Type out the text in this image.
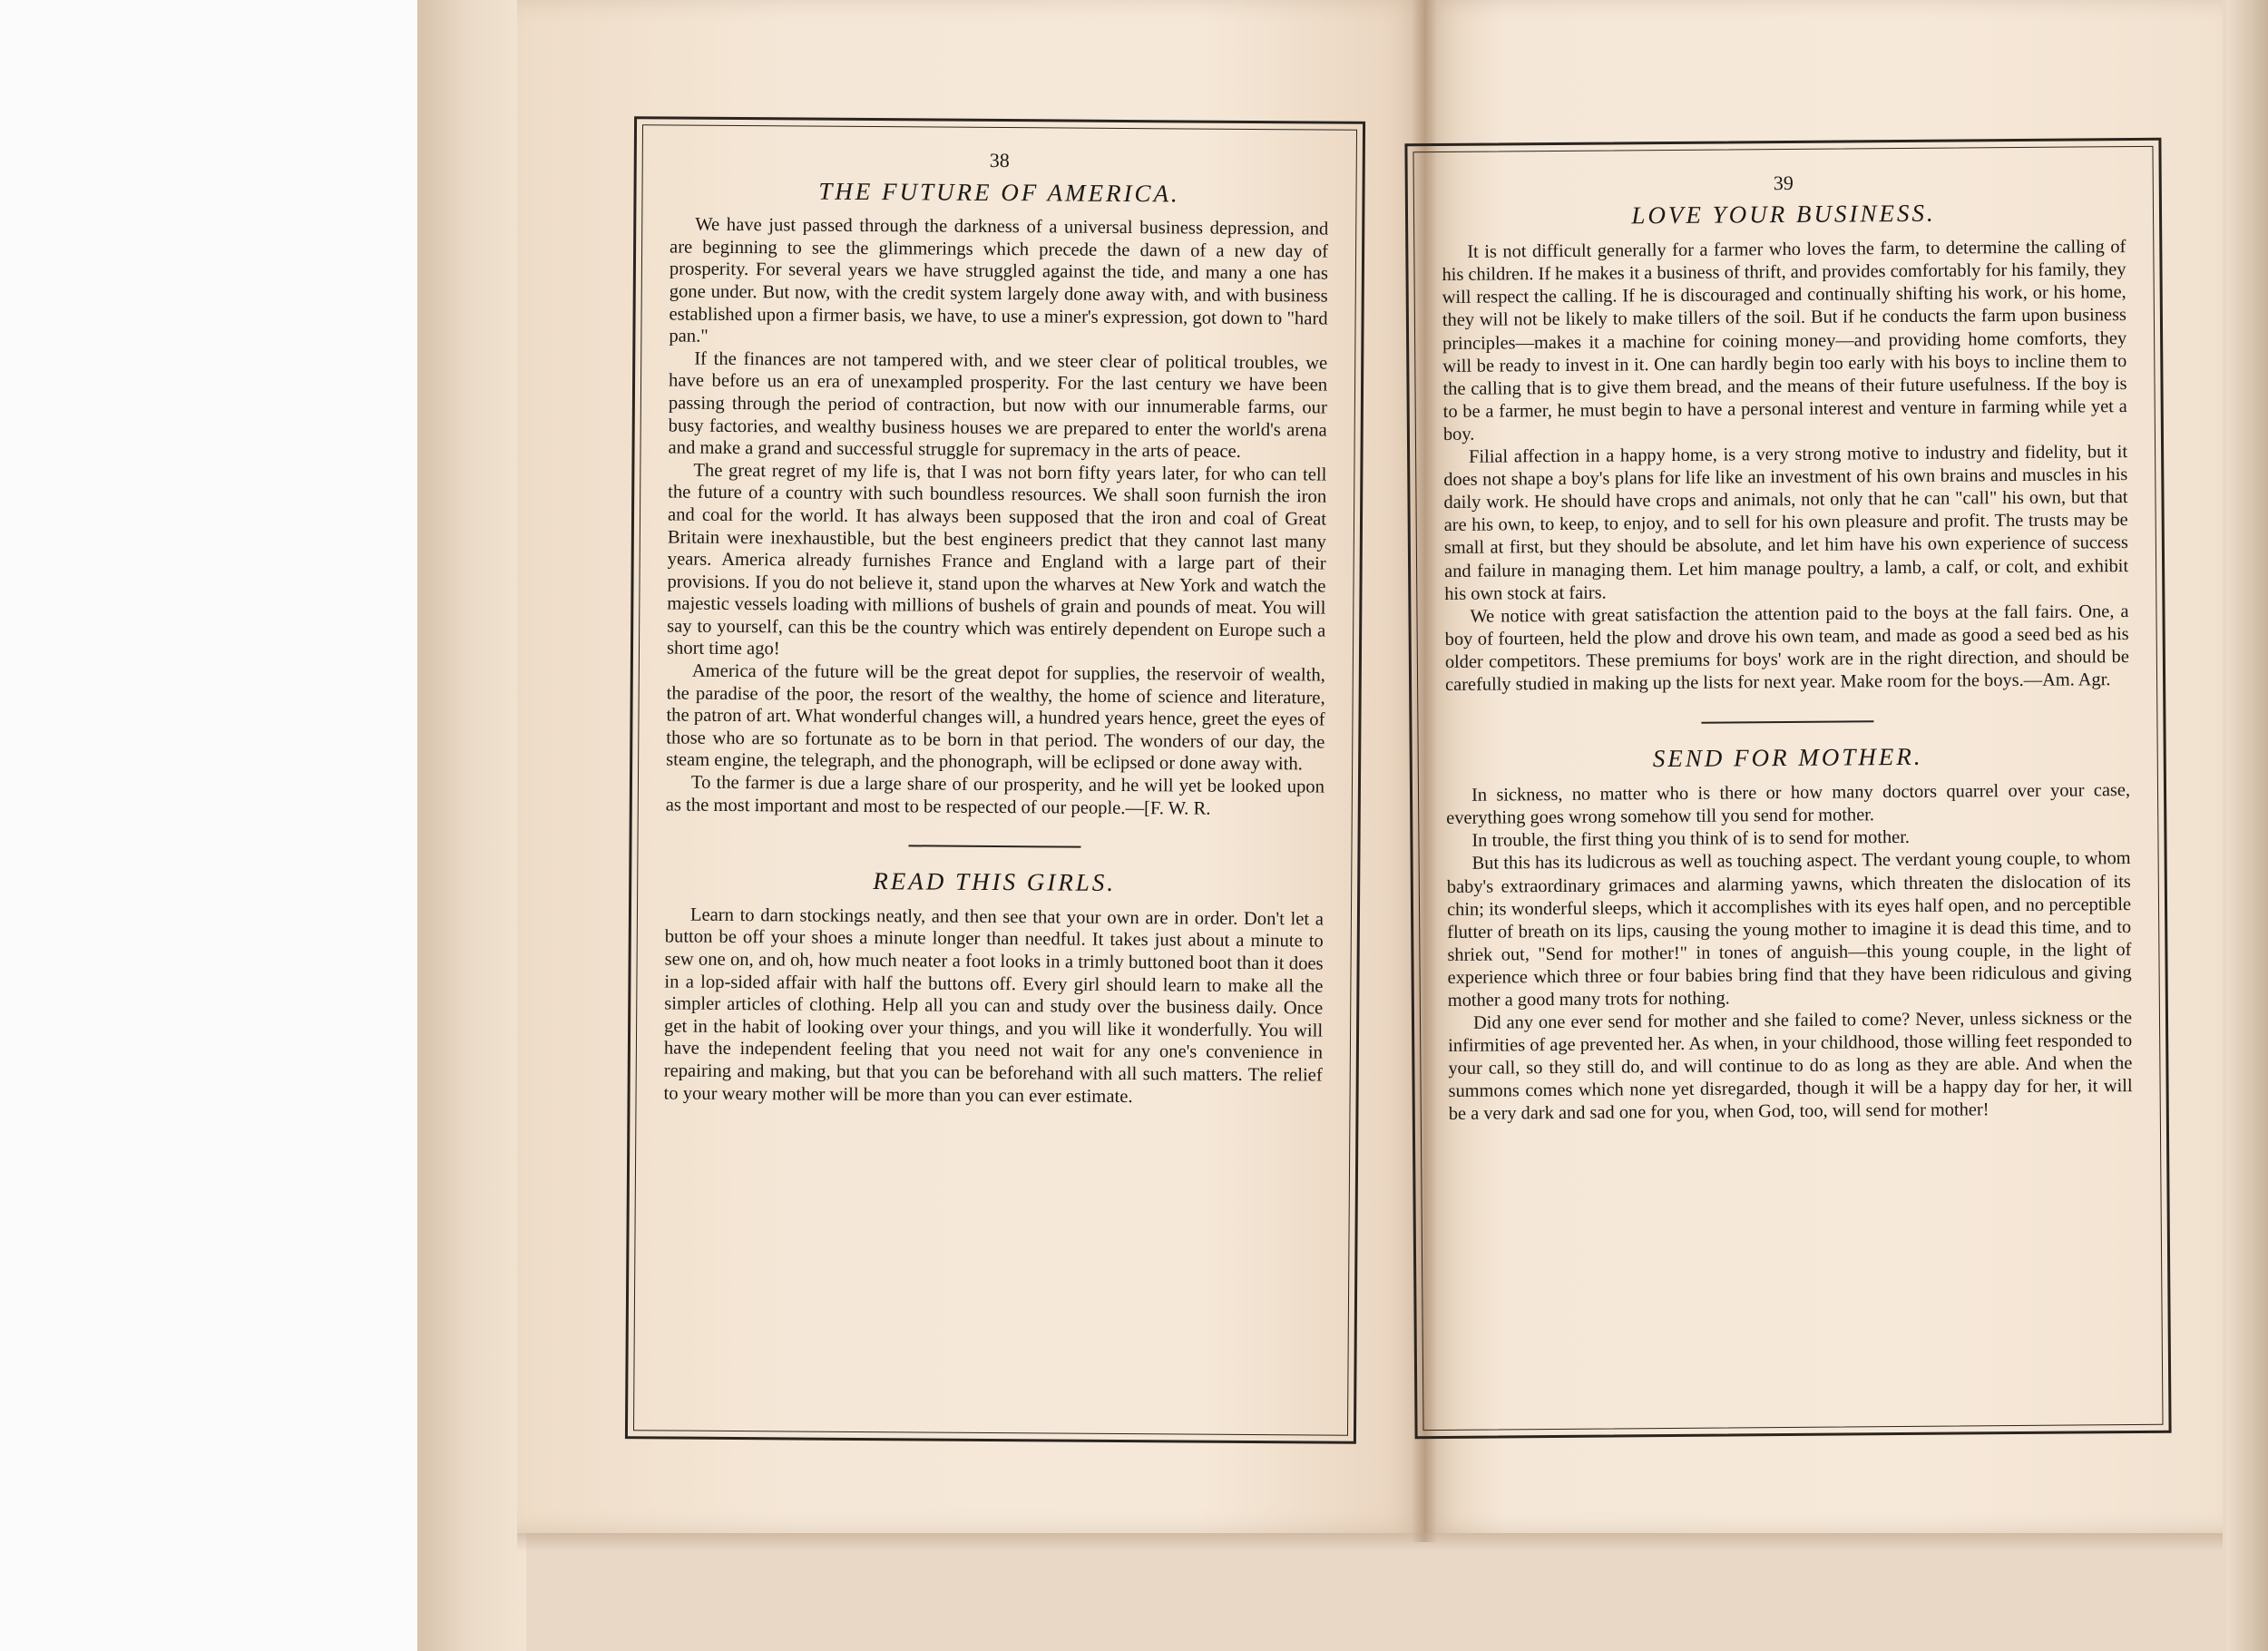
38
THE FUTURE OF AMERICA.

We have just passed through the darkness of a universal business depression, and are beginning to see the glimmerings which precede the dawn of a new day of prosperity. For several years we have struggled against the tide, and many a one has gone under. But now, with the credit system largely done away with, and with business established upon a firmer basis, we have, to use a miner's expression, got down to "hard pan."

If the finances are not tampered with, and we steer clear of political troubles, we have before us an era of unexampled prosperity. For the last century we have been passing through the period of contraction, but now with our innumerable farms, our busy factories, and wealthy business houses we are prepared to enter the world's arena and make a grand and successful struggle for supremacy in the arts of peace.

The great regret of my life is, that I was not born fifty years later, for who can tell the future of a country with such boundless resources. We shall soon furnish the iron and coal for the world. It has always been supposed that the iron and coal of Great Britain were inexhaustible, but the best engineers predict that they cannot last many years. America already furnishes France and England with a large part of their provisions. If you do not believe it, stand upon the wharves at New York and watch the majestic vessels loading with millions of bushels of grain and pounds of meat. You will say to yourself, can this be the country which was entirely dependent on Europe such a short time ago!

America of the future will be the great depot for supplies, the reservoir of wealth, the paradise of the poor, the resort of the wealthy, the home of science and literature, the patron of art. What wonderful changes will, a hundred years hence, greet the eyes of those who are so fortunate as to be born in that period. The wonders of our day, the steam engine, the telegraph, and the phonograph, will be eclipsed or done away with.

To the farmer is due a large share of our prosperity, and he will yet be looked upon as the most important and most to be respected of our people.—[F. W. R.

READ THIS GIRLS.

Learn to darn stockings neatly, and then see that your own are in order. Don't let a button be off your shoes a minute longer than needful. It takes just about a minute to sew one on, and oh, how much neater a foot looks in a trimly buttoned boot than it does in a lop-sided affair with half the buttons off. Every girl should learn to make all the simpler articles of clothing. Help all you can and study over the business daily. Once get in the habit of looking over your things, and you will like it wonderfully. You will have the independent feeling that you need not wait for any one's convenience in repairing and making, but that you can be beforehand with all such matters. The relief to your weary mother will be more than you can ever estimate.

39
LOVE YOUR BUSINESS.

It is not difficult generally for a farmer who loves the farm, to determine the calling of his children. If he makes it a business of thrift, and provides comfortably for his family, they will respect the calling. If he is discouraged and continually shifting his work, or his home, they will not be likely to make tillers of the soil. But if he conducts the farm upon business principles—makes it a machine for coining money—and providing home comforts, they will be ready to invest in it. One can hardly begin too early with his boys to incline them to the calling that is to give them bread, and the means of their future usefulness. If the boy is to be a farmer, he must begin to have a personal interest and venture in farming while yet a boy.

Filial affection in a happy home, is a very strong motive to industry and fidelity, but it does not shape a boy's plans for life like an investment of his own brains and muscles in his daily work. He should have crops and animals, not only that he can "call" his own, but that are his own, to keep, to enjoy, and to sell for his own pleasure and profit. The trusts may be small at first, but they should be absolute, and let him have his own experience of success and failure in managing them. Let him manage poultry, a lamb, a calf, or colt, and exhibit his own stock at fairs.

We notice with great satisfaction the attention paid to the boys at the fall fairs. One, a boy of fourteen, held the plow and drove his own team, and made as good a seed bed as his older competitors. These premiums for boys' work are in the right direction, and should be carefully studied in making up the lists for next year. Make room for the boys.—Am. Agr.

SEND FOR MOTHER.

In sickness, no matter who is there or how many doctors quarrel over your case, everything goes wrong somehow till you send for mother.

In trouble, the first thing you think of is to send for mother.

But this has its ludicrous as well as touching aspect. The verdant young couple, to whom baby's extraordinary grimaces and alarming yawns, which threaten the dislocation of its chin; its wonderful sleeps, which it accomplishes with its eyes half open, and no perceptible flutter of breath on its lips, causing the young mother to imagine it is dead this time, and to shriek out, "Send for mother!" in tones of anguish—this young couple, in the light of experience which three or four babies bring find that they have been ridiculous and giving mother a good many trots for nothing.

Did any one ever send for mother and she failed to come? Never, unless sickness or the infirmities of age prevented her. As when, in your childhood, those willing feet responded to your call, so they still do, and will continue to do as long as they are able. And when the summons comes which none yet disregarded, though it will be a happy day for her, it will be a very dark and sad one for you, when God, too, will send for mother!
